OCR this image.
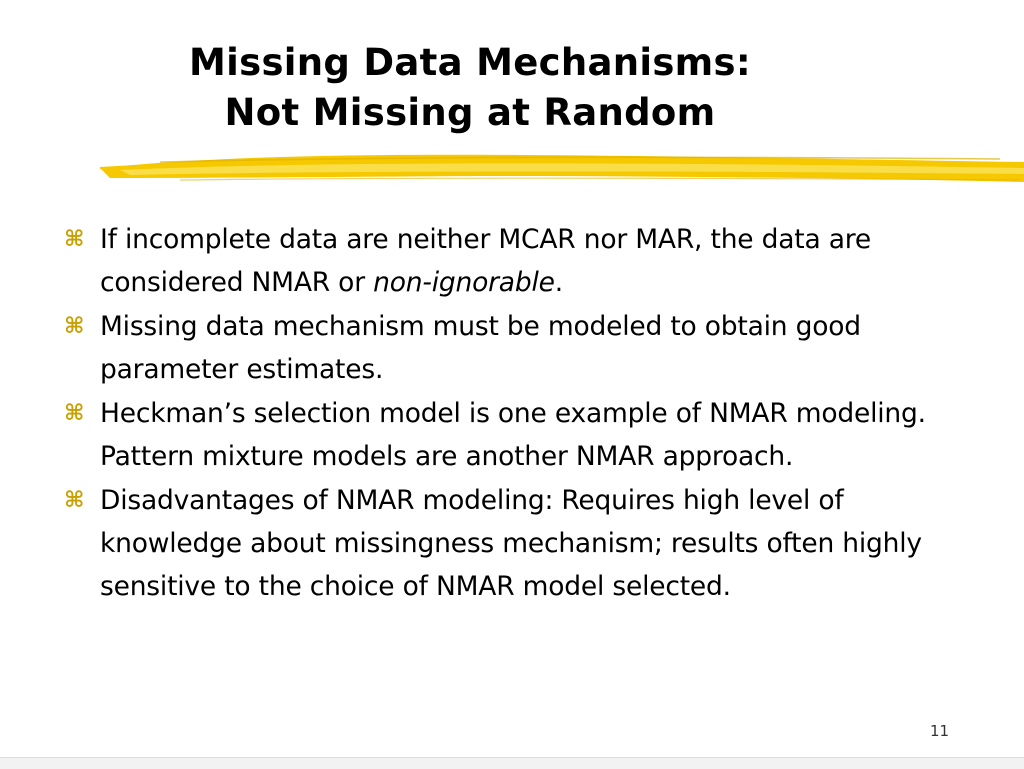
Missing Data Mechanisms:
Not Missing at Random
⌘ If incomplete data are neither MCAR nor MAR, the data are considered NMAR or non-ignorable.
⌘ Missing data mechanism must be modeled to obtain good parameter estimates.
⌘ Heckman’s selection model is one example of NMAR modeling. Pattern mixture models are another NMAR approach.
⌘ Disadvantages of NMAR modeling: Requires high level of knowledge about missingness mechanism; results often highly sensitive to the choice of NMAR model selected.
11
